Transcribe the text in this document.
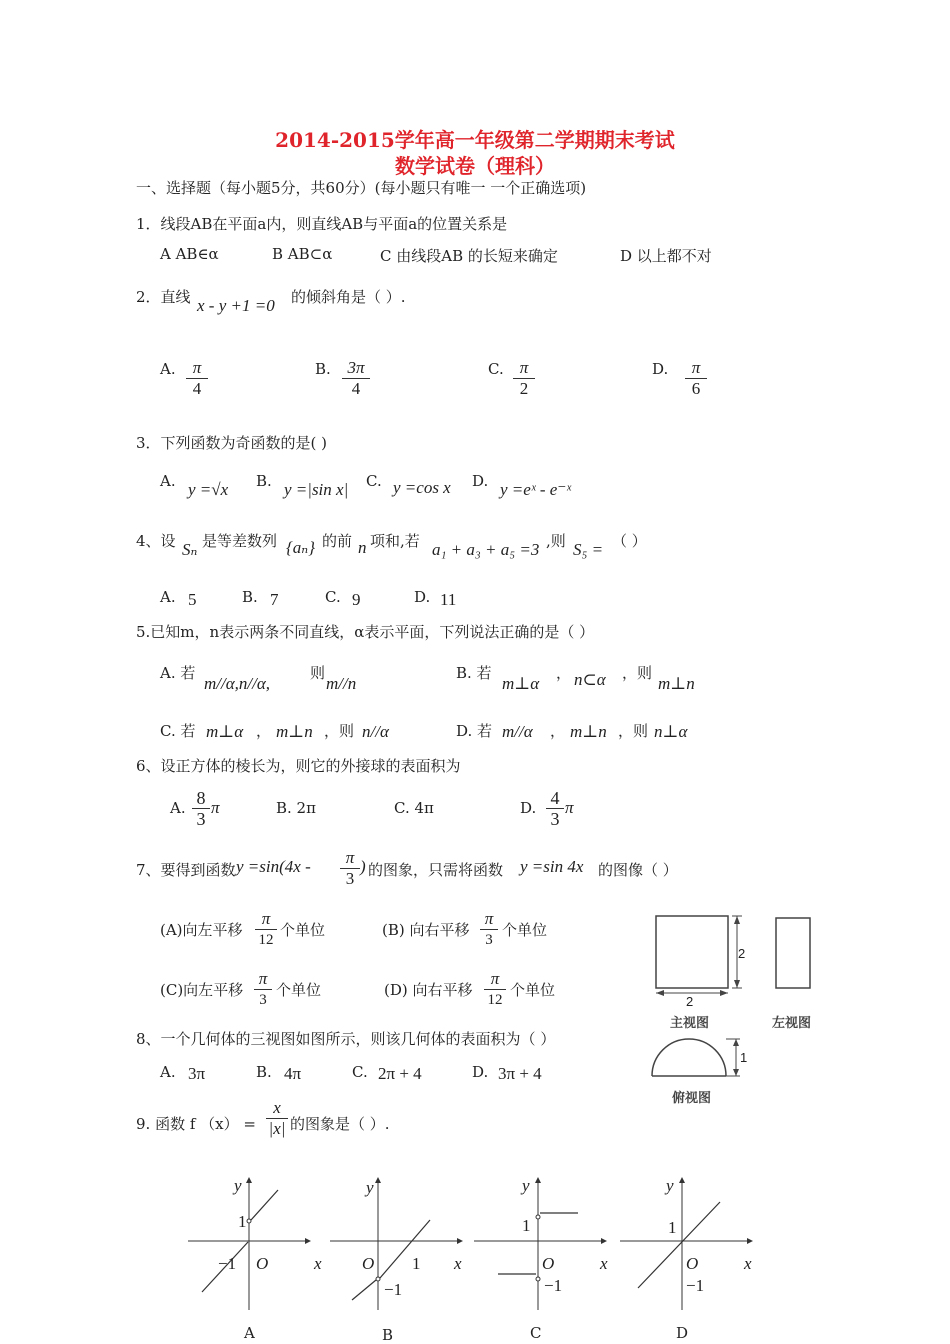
2014-2015学年高一年级第二学期期末考试
数学试卷（理科）
一、选择题（每小题5分，共60分）(每小题只有唯一 一个正确选项)
1．线段AB在平面a内，则直线AB与平面a的位置关系是
A AB∈α	B AB⊂α	C 由线段AB 的长短来确定	D 以上都不对
2．直线 x - y +1 =0 的倾斜角是（ ）.
A. $\frac{\pi}{4}$	B. $\frac{3\pi}{4}$	C. $\frac{\pi}{2}$	D. $\frac{\pi}{6}$
3．下列函数为奇函数的是( )
A. y =√x B. y =|sin x| C. y =cos x D. y =eˣ - e⁻ˣ
4、设 Sₙ 是等差数列 {aₙ} 的前 n 项和,若 a₁ + a₃ + a₅ =3 ,则 S₅ = （ ）
A. 5	B. 7	C. 9	D. 11
5.已知m，n表示两条不同直线，α表示平面，下列说法正确的是（ ）
A. 若
m//α,n//α,
则
m//n
B. 若
m⊥α
， n⊂α ，则
m⊥n
C. 若 m⊥α ， m⊥n ，则 n//α	D. 若 m//α ， m⊥n ，则 n⊥α
6、设正方体的棱长为，则它的外接球的表面积为
A. $\frac{8}{3}$ π	B. 2π	C. 4π	D. $\frac{4}{3}$ π
7、要得到函数 $y =\sin(4x - \frac{\pi}{3}$ ) 的图象，只需将函数 y =sin 4x 的图像（ ）
(A)向左平移 $\frac{\pi}{12}$ 个单位	(B) 向右平移 $\frac{\pi}{3}$ 个单位
(C)向左平移 $\frac{\pi}{3}$ 个单位	(D) 向右平移 $\frac{\pi}{12}$ 个单位
2
2
1
主视图	左视图
俯视图
8、一个几何体的三视图如图所示，则该几何体的表面积为（ ）
A. 3π	B. 4π	C. 2π + 4	D. 3π + 4
9. 函数 f $(x) = \frac{x}{|x|}$ 的图象是（ ）.
y
1
−1 O	x
A
y
O 1
−1
x
B
y
1
O
−1
x
C
y
1
O
−1
x
D
